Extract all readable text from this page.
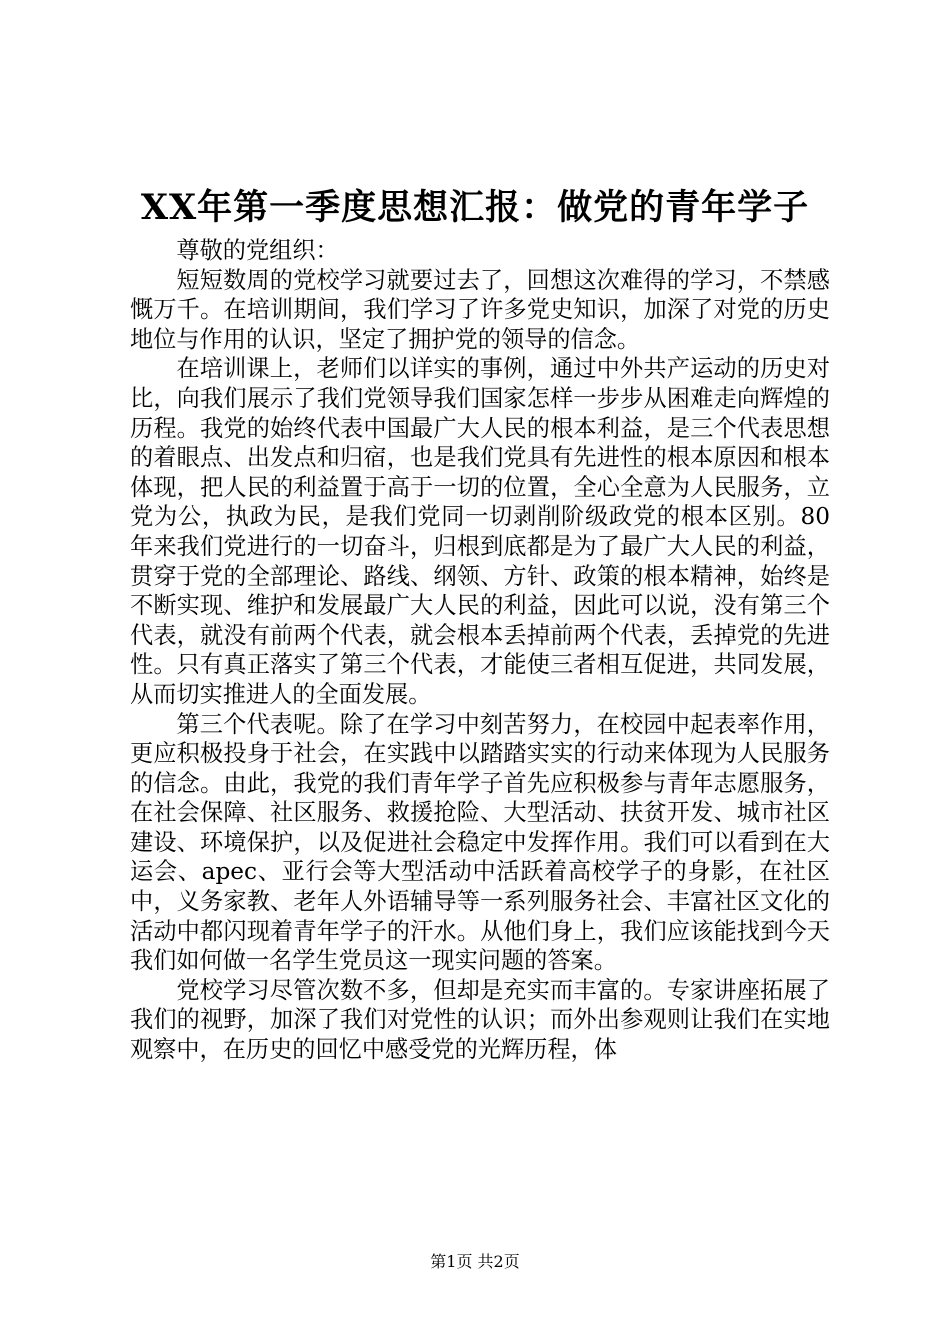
XX年第一季度思想汇报：做党的青年学子

尊敬的党组织：

短短数周的党校学习就要过去了，回想这次难得的学习，不禁感慨万千。在培训期间，我们学习了许多党史知识，加深了对党的历史地位与作用的认识，坚定了拥护党的领导的信念。

在培训课上，老师们以详实的事例，通过中外共产运动的历史对比，向我们展示了我们党领导我们国家怎样一步步从困难走向辉煌的历程。我党的始终代表中国最广大人民的根本利益，是三个代表思想的着眼点、出发点和归宿，也是我们党具有先进性的根本原因和根本体现，把人民的利益置于高于一切的位置，全心全意为人民服务，立党为公，执政为民，是我们党同一切剥削阶级政党的根本区别。80年来我们党进行的一切奋斗，归根到底都是为了最广大人民的利益，贯穿于党的全部理论、路线、纲领、方针、政策的根本精神，始终是不断实现、维护和发展最广大人民的利益，因此可以说，没有第三个代表，就没有前两个代表，就会根本丢掉前两个代表，丢掉党的先进性。只有真正落实了第三个代表，才能使三者相互促进，共同发展，从而切实推进人的全面发展。

第三个代表呢。除了在学习中刻苦努力，在校园中起表率作用，更应积极投身于社会，在实践中以踏踏实实的行动来体现为人民服务的信念。由此，我党的我们青年学子首先应积极参与青年志愿服务，在社会保障、社区服务、救援抢险、大型活动、扶贫开发、城市社区建设、环境保护，以及促进社会稳定中发挥作用。我们可以看到在大运会、apec、亚行会等大型活动中活跃着高校学子的身影，在社区中，义务家教、老年人外语辅导等一系列服务社会、丰富社区文化的活动中都闪现着青年学子的汗水。从他们身上，我们应该能找到今天我们如何做一名学生党员这一现实问题的答案。

党校学习尽管次数不多，但却是充实而丰富的。专家讲座拓展了我们的视野，加深了我们对党性的认识；而外出参观则让我们在实地观察中，在历史的回忆中感受党的光辉历程，体

第1页 共2页
